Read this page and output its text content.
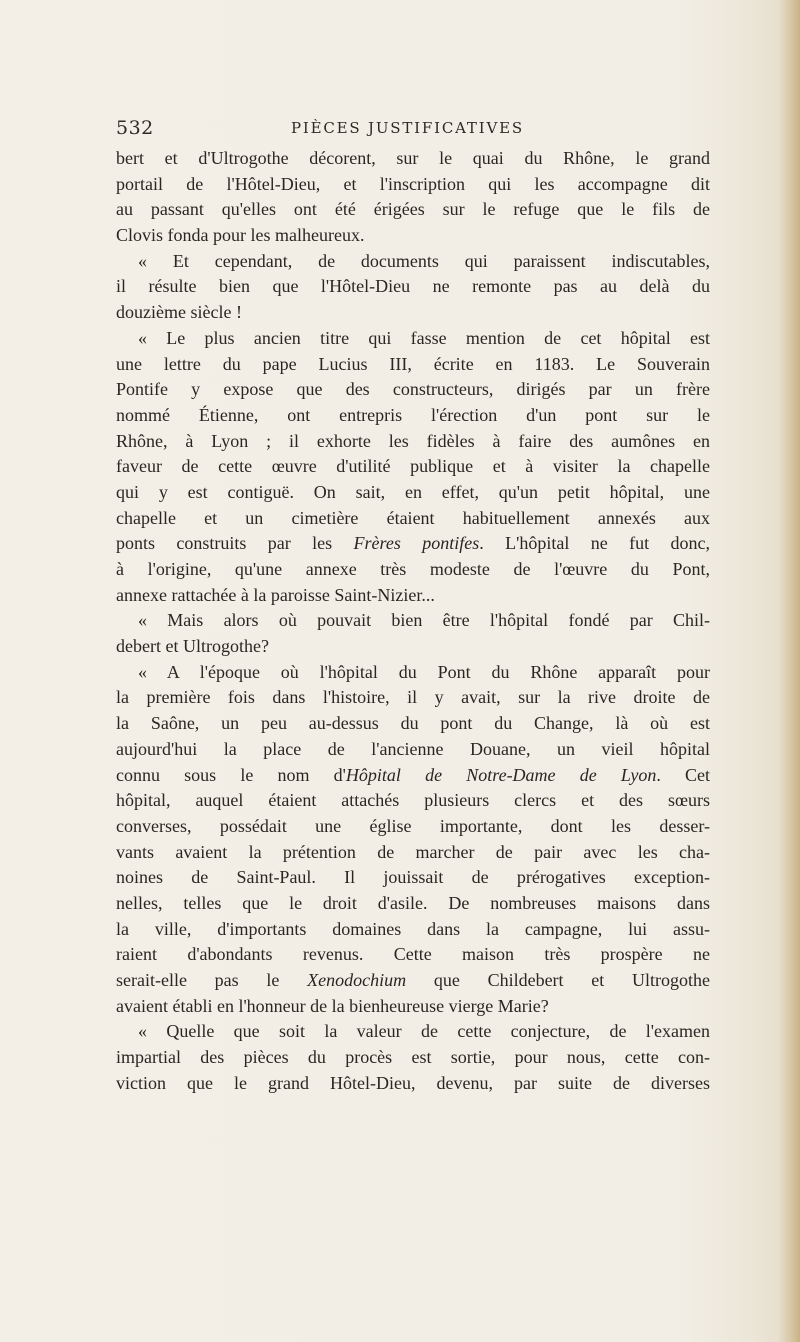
532	PIÈCES JUSTIFICATIVES
bert et d'Ultrogothe décorent, sur le quai du Rhône, le grand
portail de l'Hôtel-Dieu, et l'inscription qui les accompagne dit
au passant qu'elles ont été érigées sur le refuge que le fils de
Clovis fonda pour les malheureux.
« Et cependant, de documents qui paraissent indiscutables,
il résulte bien que l'Hôtel-Dieu ne remonte pas au delà du
douzième siècle !
« Le plus ancien titre qui fasse mention de cet hôpital est
une lettre du pape Lucius III, écrite en 1183. Le Souverain
Pontife y expose que des constructeurs, dirigés par un frère
nommé Étienne, ont entrepris l'érection d'un pont sur le
Rhône, à Lyon ; il exhorte les fidèles à faire des aumônes en
faveur de cette œuvre d'utilité publique et à visiter la chapelle
qui y est contiguë. On sait, en effet, qu'un petit hôpital, une
chapelle et un cimetière étaient habituellement annexés aux
ponts construits par les Frères pontifes. L'hôpital ne fut donc,
à l'origine, qu'une annexe très modeste de l'œuvre du Pont,
annexe rattachée à la paroisse Saint-Nizier...
« Mais alors où pouvait bien être l'hôpital fondé par Chil-
debert et Ultrogothe?
« A l'époque où l'hôpital du Pont du Rhône apparaît pour
la première fois dans l'histoire, il y avait, sur la rive droite de
la Saône, un peu au-dessus du pont du Change, là où est
aujourd'hui la place de l'ancienne Douane, un vieil hôpital
connu sous le nom d'Hôpital de Notre-Dame de Lyon. Cet
hôpital, auquel étaient attachés plusieurs clercs et des sœurs
converses, possédait une église importante, dont les desser-
vants avaient la prétention de marcher de pair avec les cha-
noines de Saint-Paul. Il jouissait de prérogatives exception-
nelles, telles que le droit d'asile. De nombreuses maisons dans
la ville, d'importants domaines dans la campagne, lui assu-
raient d'abondants revenus. Cette maison très prospère ne
serait-elle pas le Xenodochium que Childebert et Ultrogothe
avaient établi en l'honneur de la bienheureuse vierge Marie?
« Quelle que soit la valeur de cette conjecture, de l'examen
impartial des pièces du procès est sortie, pour nous, cette con-
viction que le grand Hôtel-Dieu, devenu, par suite de diverses
